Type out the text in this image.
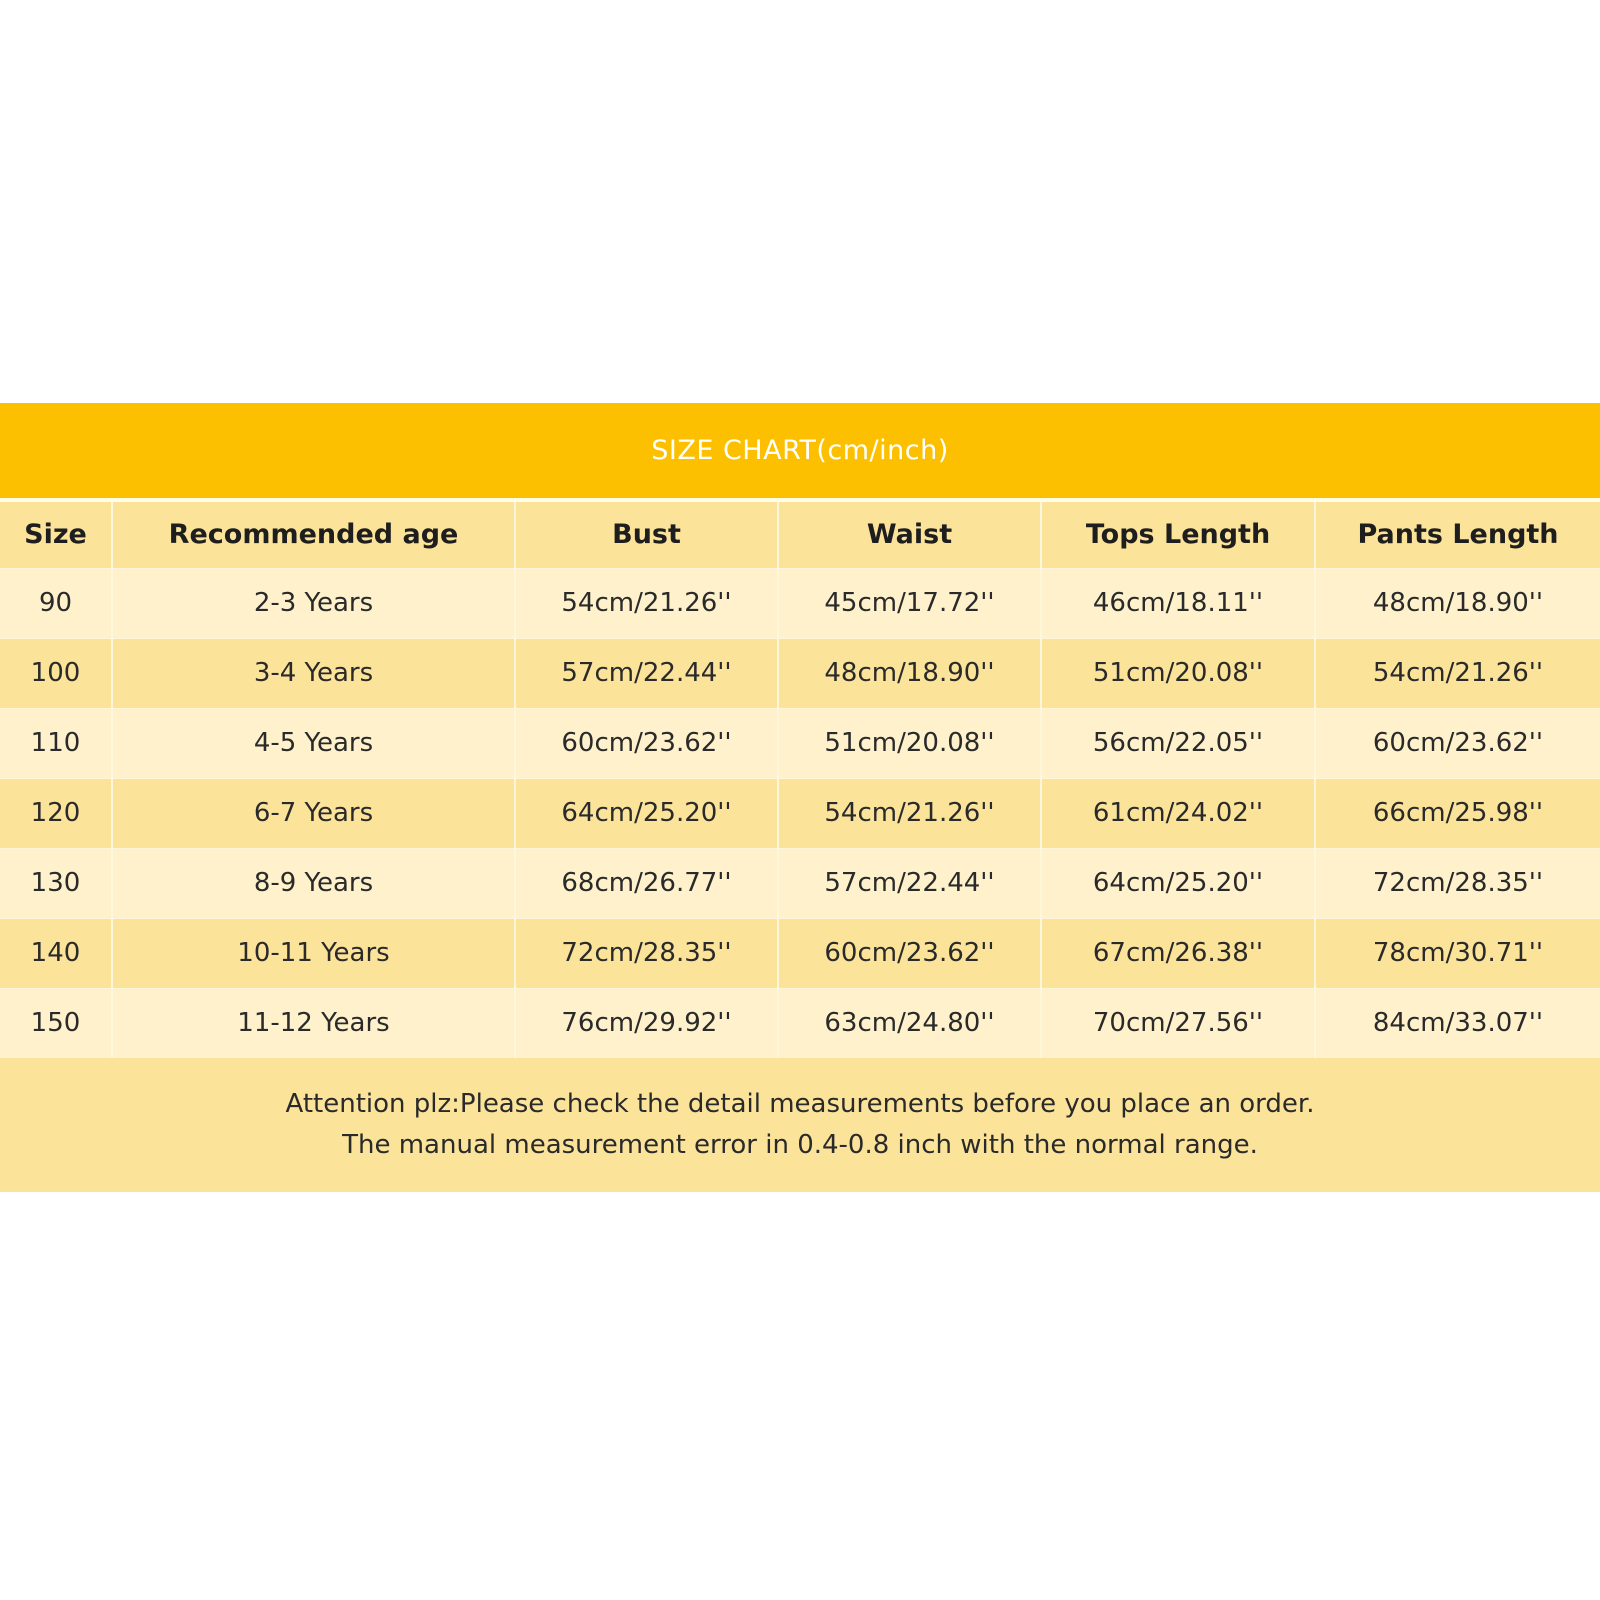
SIZE CHART(cm/inch)
Size	Recommended age	Bust	Waist	Tops Length	Pants Length
90	2-3 Years	54cm/21.26''	45cm/17.72''	46cm/18.11''	48cm/18.90''
100	3-4 Years	57cm/22.44''	48cm/18.90''	51cm/20.08''	54cm/21.26''
110	4-5 Years	60cm/23.62''	51cm/20.08''	56cm/22.05''	60cm/23.62''
120	6-7 Years	64cm/25.20''	54cm/21.26''	61cm/24.02''	66cm/25.98''
130	8-9 Years	68cm/26.77''	57cm/22.44''	64cm/25.20''	72cm/28.35''
140	10-11 Years	72cm/28.35''	60cm/23.62''	67cm/26.38''	78cm/30.71''
150	11-12 Years	76cm/29.92''	63cm/24.80''	70cm/27.56''	84cm/33.07''
Attention plz:Please check the detail measurements before you place an order.
The manual measurement error in 0.4-0.8 inch with the normal range.
